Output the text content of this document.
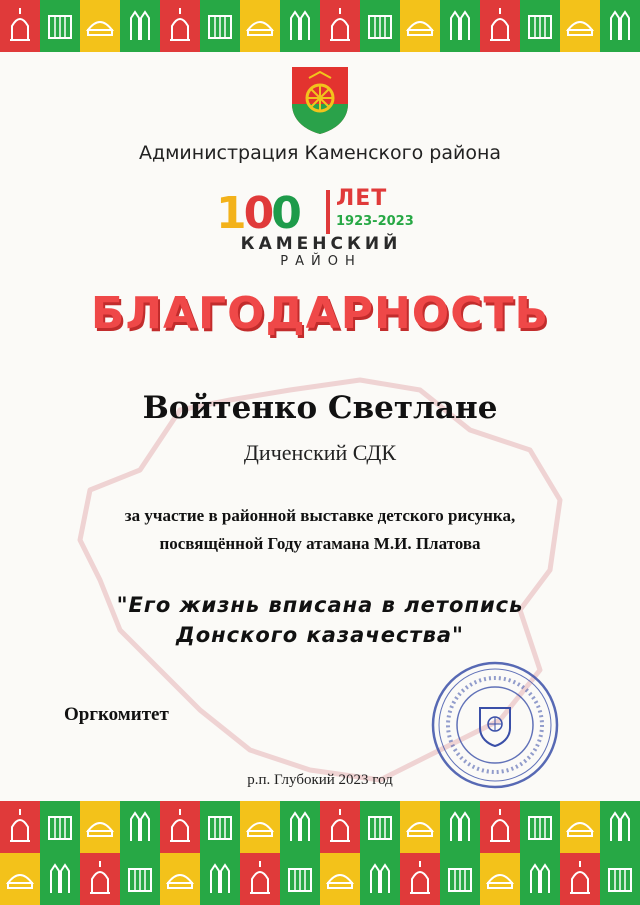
Администрация Каменского района
100 ЛЕТ
1923-2023
КАМЕНСКИЙ
РАЙОН
БЛАГОДАРНОСТЬ
Войтенко Светлане
Диченский СДК
за участие в районной выставке детского рисунка,
посвящённой Году атамана М.И. Платова
"Его жизнь вписана в летопись
Донского казачества"
Оргкомитет
р.п. Глубокий 2023 год
